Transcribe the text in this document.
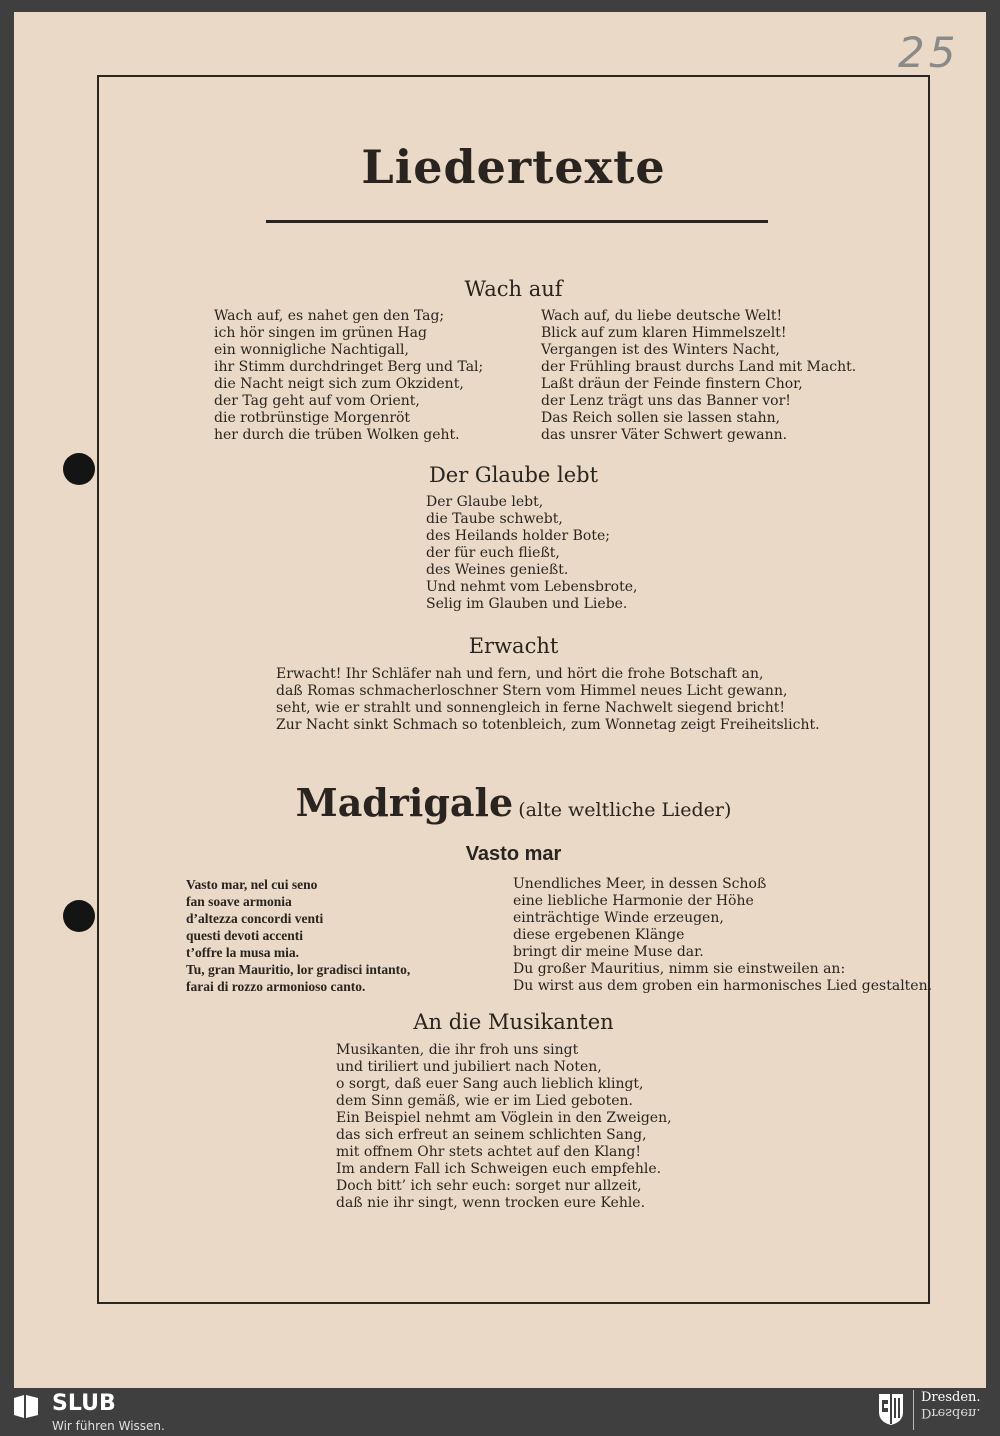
25
Liedertexte
Wach auf
Wach auf, es nahet gen den Tag;
ich hör singen im grünen Hag
ein wonnigliche Nachtigall,
ihr Stimm durchdringet Berg und Tal;
die Nacht neigt sich zum Okzident,
der Tag geht auf vom Orient,
die rotbrünstige Morgenröt
her durch die trüben Wolken geht.
Wach auf, du liebe deutsche Welt!
Blick auf zum klaren Himmelszelt!
Vergangen ist des Winters Nacht,
der Frühling braust durchs Land mit Macht.
Laßt dräun der Feinde finstern Chor,
der Lenz trägt uns das Banner vor!
Das Reich sollen sie lassen stahn,
das unsrer Väter Schwert gewann.
Der Glaube lebt
Der Glaube lebt,
die Taube schwebt,
des Heilands holder Bote;
der für euch fließt,
des Weines genießt.
Und nehmt vom Lebensbrote,
Selig im Glauben und Liebe.
Erwacht
Erwacht! Ihr Schläfer nah und fern, und hört die frohe Botschaft an,
daß Romas schmacherloschner Stern vom Himmel neues Licht gewann,
seht, wie er strahlt und sonnengleich in ferne Nachwelt siegend bricht!
Zur Nacht sinkt Schmach so totenbleich, zum Wonnetag zeigt Freiheitslicht.
Madrigale (alte weltliche Lieder)
Vasto mar
Vasto mar, nel cui seno
fan soave armonia
d’altezza concordi venti
questi devoti accenti
t’offre la musa mia.
Tu, gran Mauritio, lor gradisci intanto,
farai di rozzo armonioso canto.
Unendliches Meer, in dessen Schoß
eine liebliche Harmonie der Höhe
einträchtige Winde erzeugen,
diese ergebenen Klänge
bringt dir meine Muse dar.
Du großer Mauritius, nimm sie einstweilen an:
Du wirst aus dem groben ein harmonisches Lied gestalten.
An die Musikanten
Musikanten, die ihr froh uns singt
und tiriliert und jubiliert nach Noten,
o sorgt, daß euer Sang auch lieblich klingt,
dem Sinn gemäß, wie er im Lied geboten.
Ein Beispiel nehmt am Vöglein in den Zweigen,
das sich erfreut an seinem schlichten Sang,
mit offnem Ohr stets achtet auf den Klang!
Im andern Fall ich Schweigen euch empfehle.
Doch bitt’ ich sehr euch: sorget nur allzeit,
daß nie ihr singt, wenn trocken eure Kehle.
SLUB
Wir führen Wissen.
Dresden.
Dresden.
